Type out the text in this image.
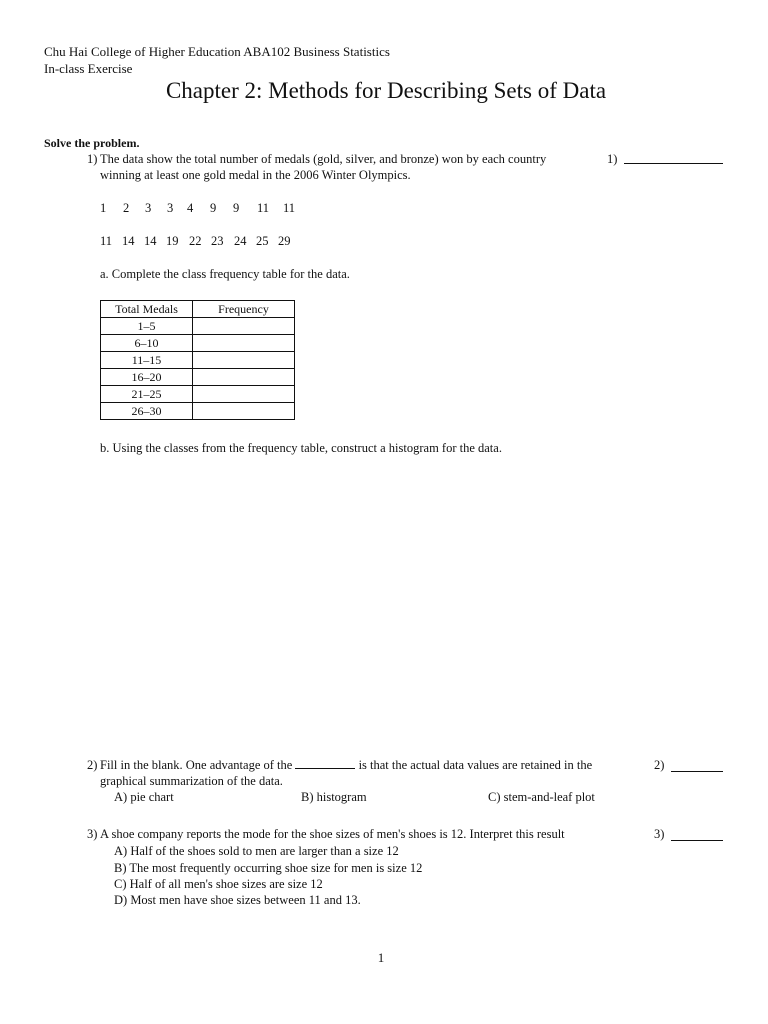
Chu Hai College of Higher Education ABA102 Business Statistics
In-class Exercise
Chapter 2: Methods for Describing Sets of Data
Solve the problem.
1) The data show the total number of medals (gold, silver, and bronze) won by each country
winning at least one gold medal in the 2006 Winter Olympics.
1)
1 2 3 3 4 9 9 11 11
11 14 14 19 22 23 24 25 29
a. Complete the class frequency table for the data.
Total Medals	Frequency
1–5	
6–10	
11–15	
16–20	
21–25	
26–30	
b. Using the classes from the frequency table, construct a histogram for the data.
2) Fill in the blank. One advantage of the	is that the actual data values are retained in the
graphical summarization of the data.
2)
A) pie chart	B) histogram	C) stem-and-leaf plot
3) A shoe company reports the mode for the shoe sizes of men's shoes is 12. Interpret this result	3)
A) Half of the shoes sold to men are larger than a size 12
B) The most frequently occurring shoe size for men is size 12
C) Half of all men's shoe sizes are size 12
D) Most men have shoe sizes between 11 and 13.
1
